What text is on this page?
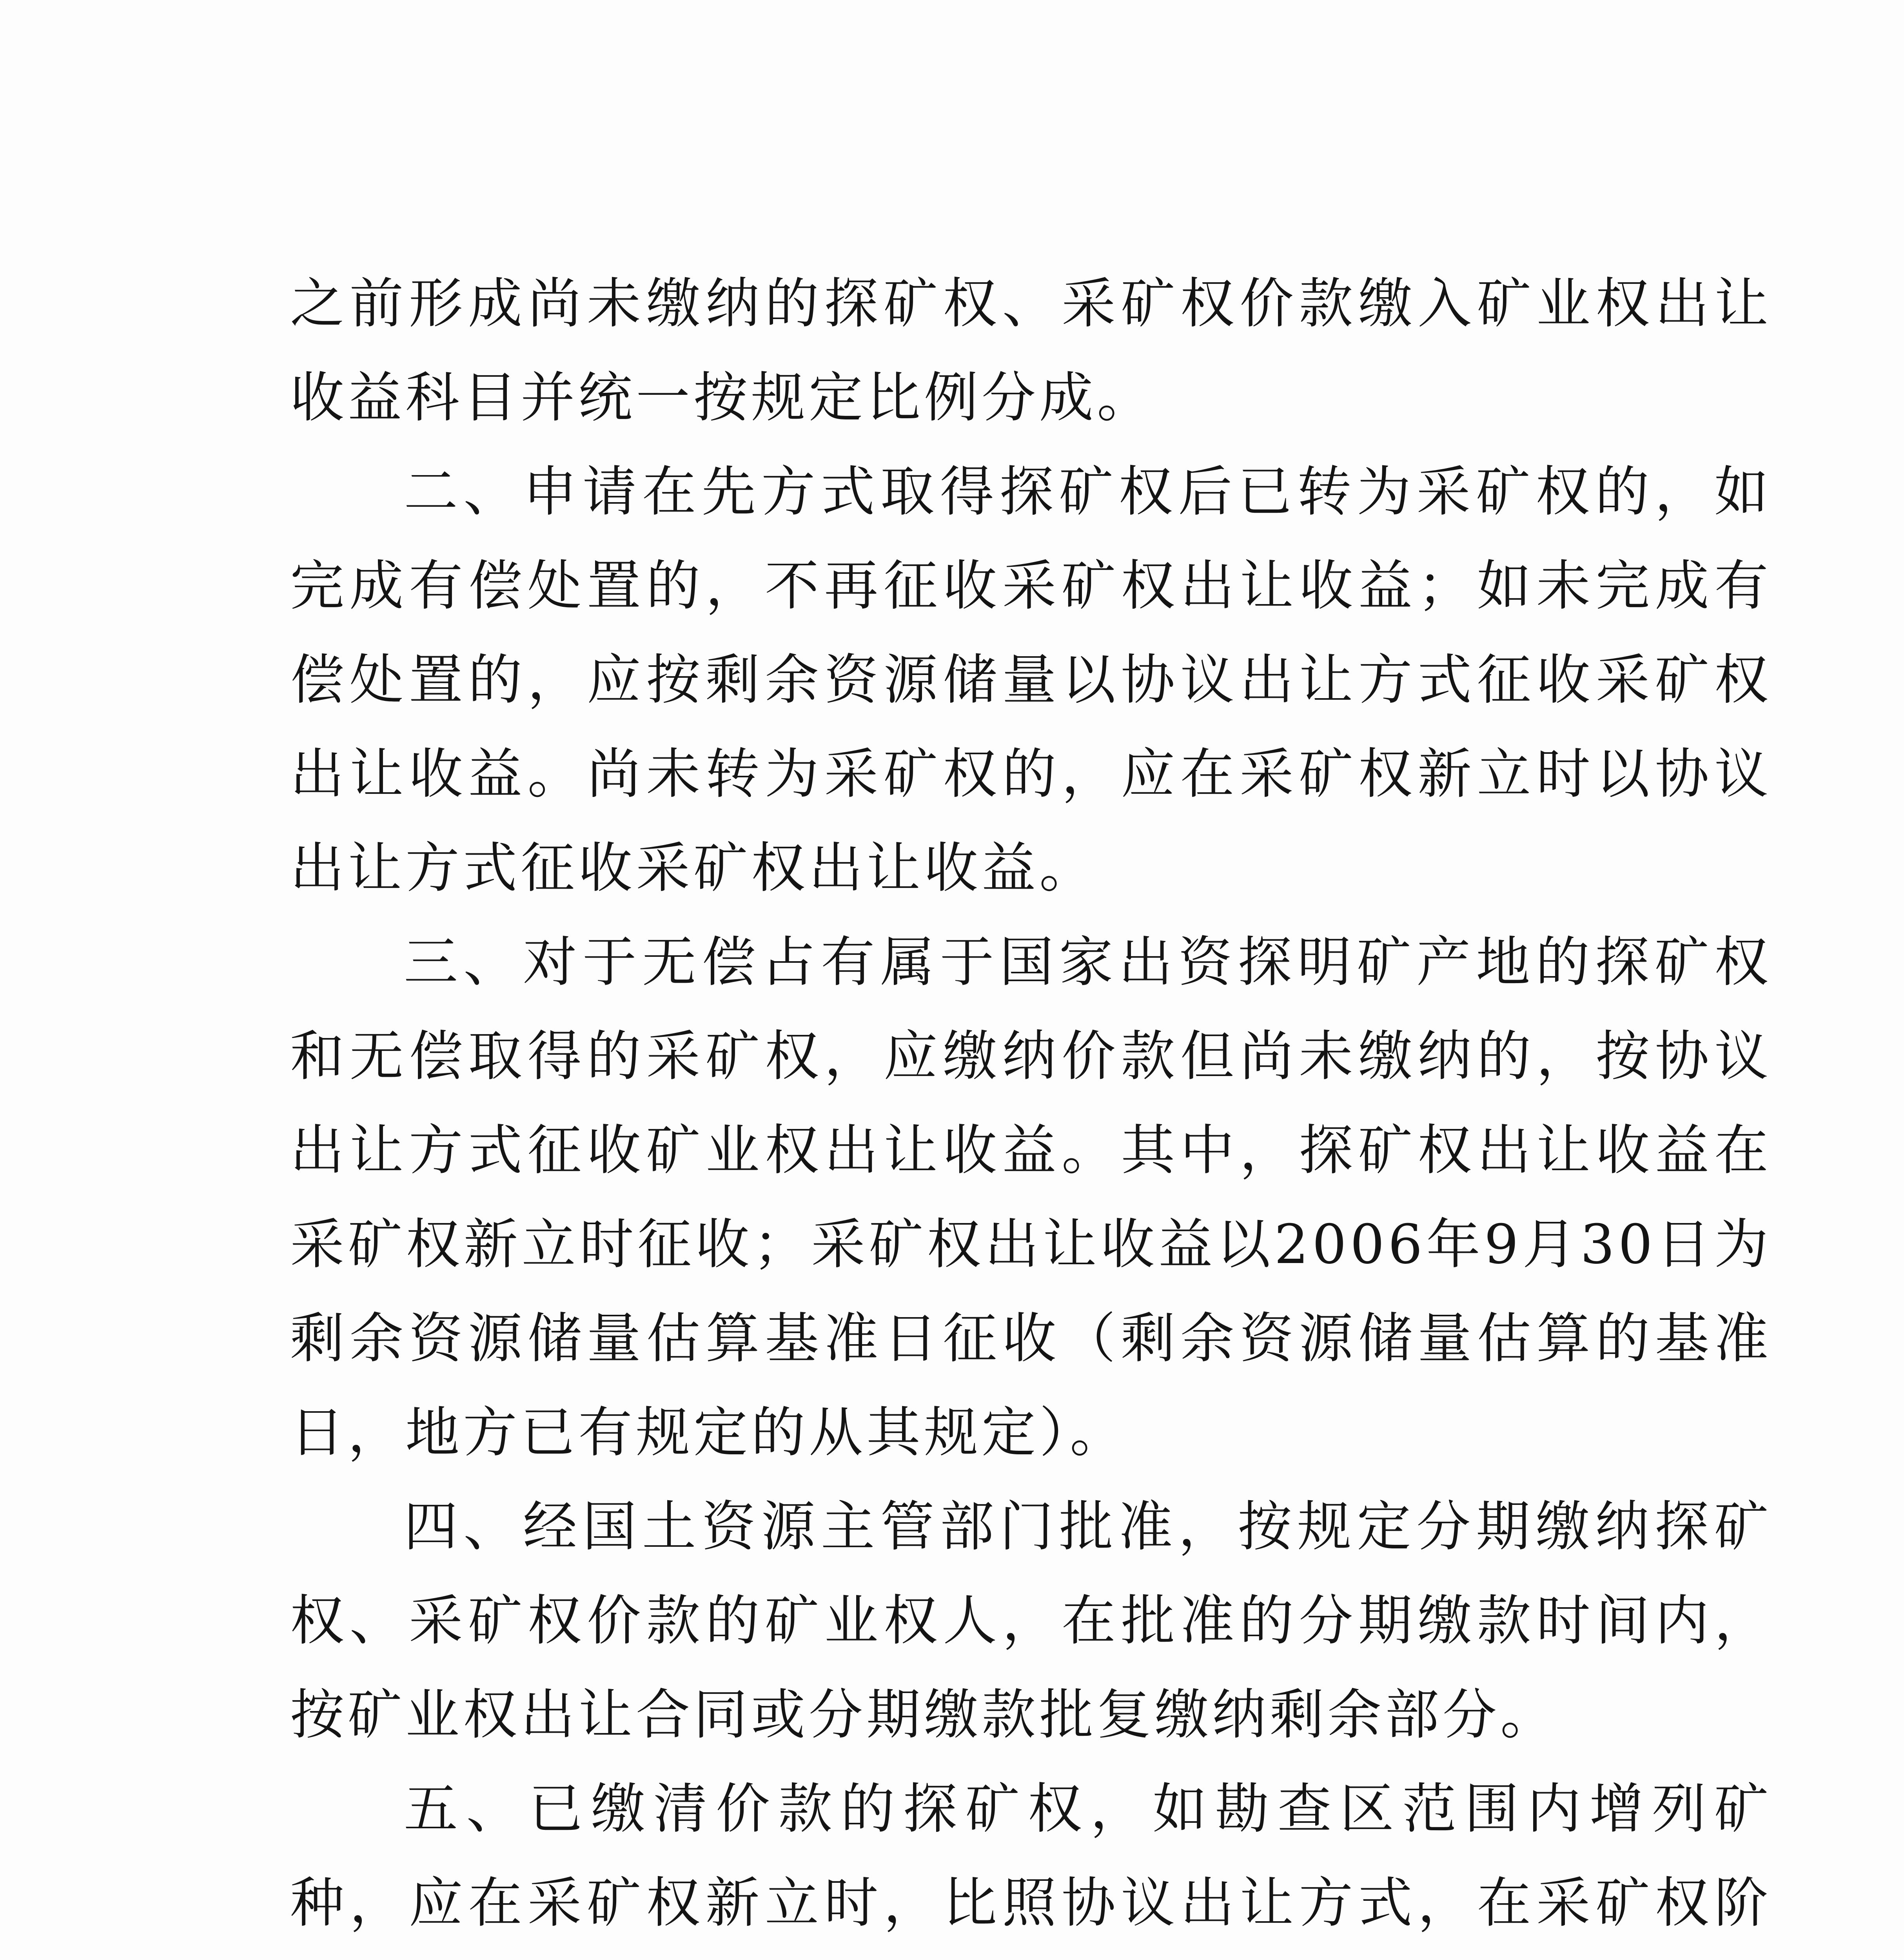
之前形成尚未缴纳的探矿权、采矿权价款缴入矿业权出让收益科目并统一按规定比例分成。

二、申请在先方式取得探矿权后已转为采矿权的，如完成有偿处置的，不再征收采矿权出让收益；如未完成有偿处置的，应按剩余资源储量以协议出让方式征收采矿权出让收益。尚未转为采矿权的，应在采矿权新立时以协议出让方式征收采矿权出让收益。

三、对于无偿占有属于国家出资探明矿产地的探矿权和无偿取得的采矿权，应缴纳价款但尚未缴纳的，按协议出让方式征收矿业权出让收益。其中，探矿权出让收益在采矿权新立时征收；采矿权出让收益以2006年9月30日为剩余资源储量估算基准日征收（剩余资源储量估算的基准日，地方已有规定的从其规定）。

四、经国土资源主管部门批准，按规定分期缴纳探矿权、采矿权价款的矿业权人，在批准的分期缴款时间内，按矿业权出让合同或分期缴款批复缴纳剩余部分。

五、已缴清价款的探矿权，如勘查区范围内增列矿种，应在采矿权新立时，比照协议出让方式，在采矿权阶
